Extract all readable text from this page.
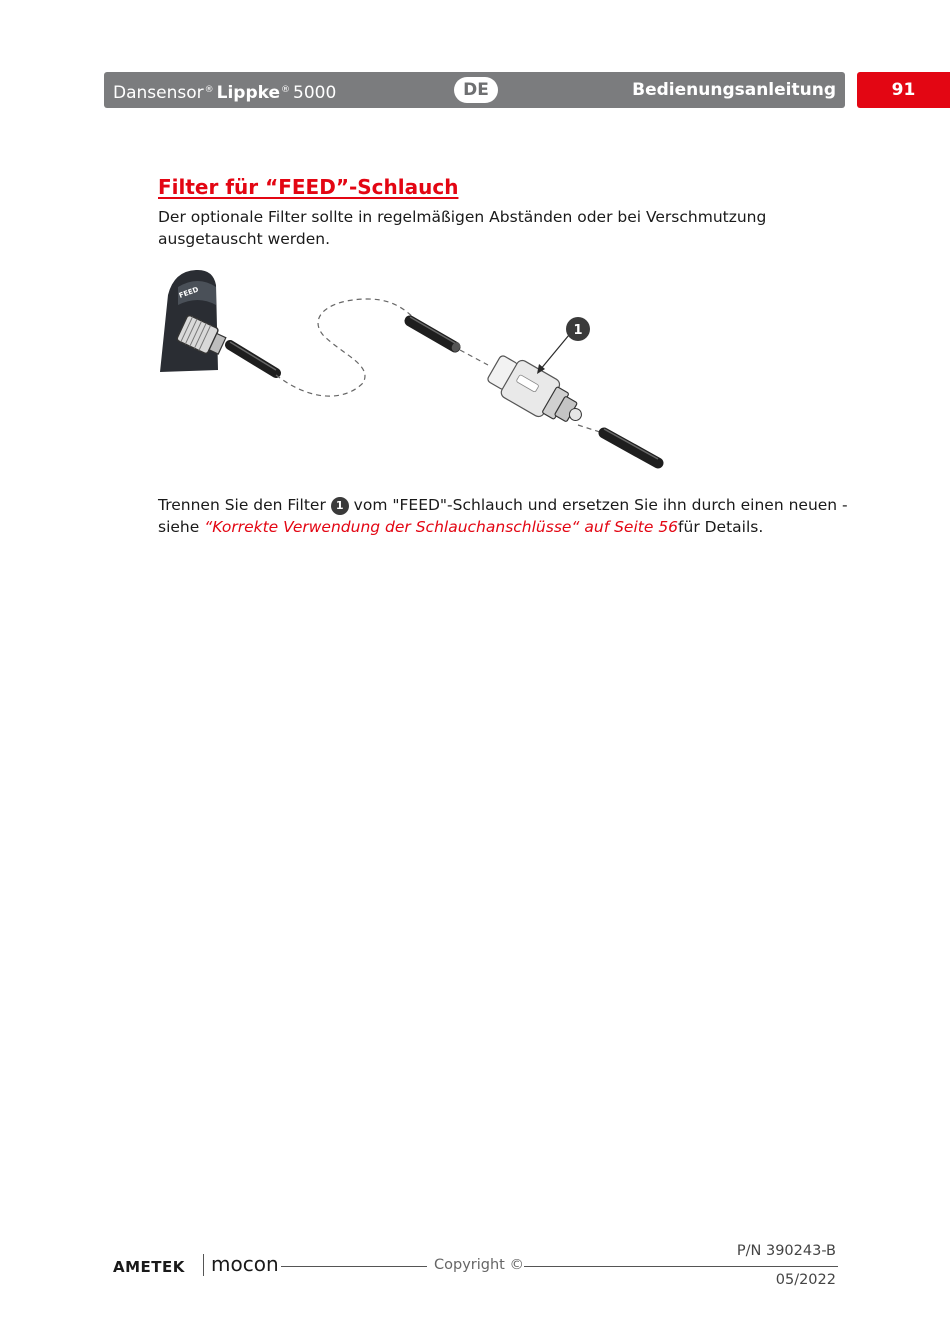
Dansensor® Lippke® 5000	DE	Bedienungsanleitung	91
Filter für “FEED”-Schlauch

Der optionale Filter sollte in regelmäßigen Abständen oder bei Verschmutzung ausgetauscht werden.

FEED
1

Trennen Sie den Filter 1 vom "FEED"-Schlauch und ersetzen Sie ihn durch einen neuen - siehe “Korrekte Verwendung der Schlauchanschlüsse“ auf Seite 56für Details.

AMETEK mocon	Copyright ©
P/N 390243-B
05/2022
